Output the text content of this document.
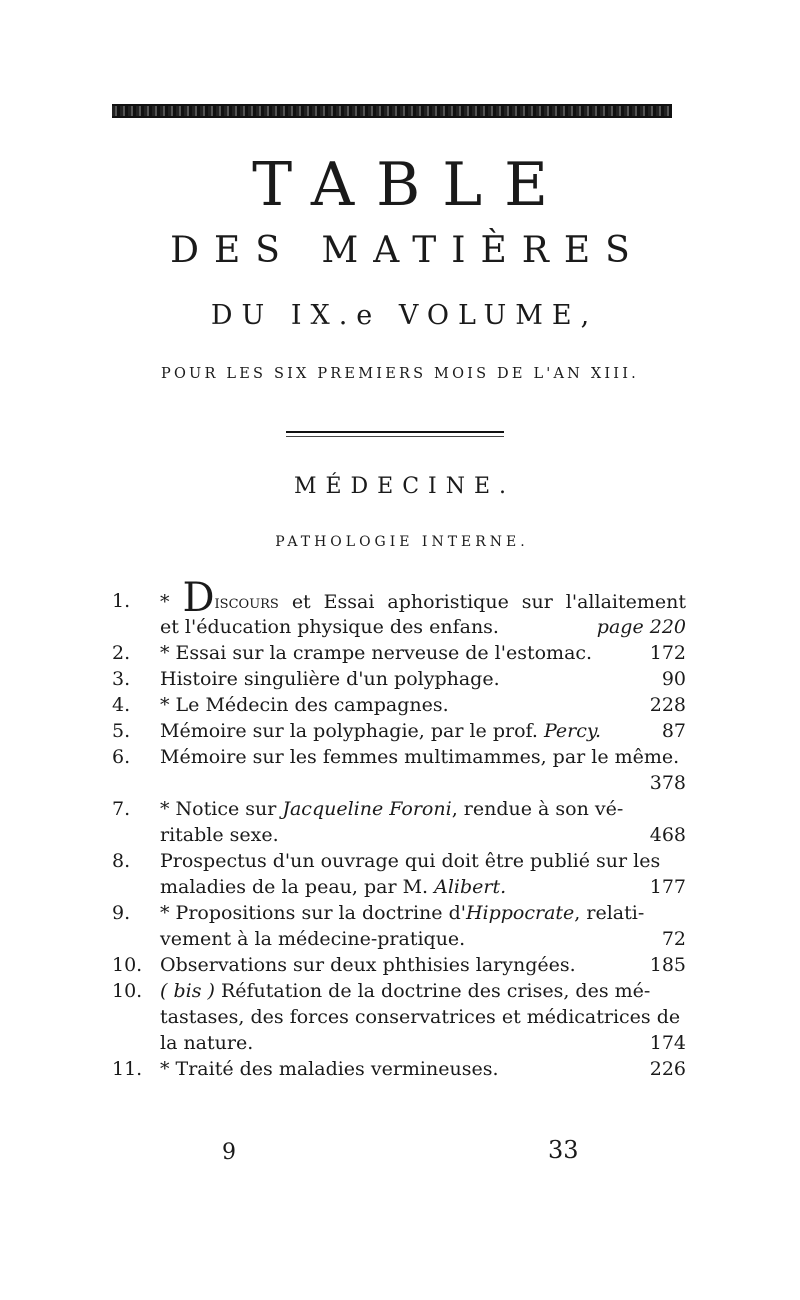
TABLE
DES MATIÈRES
DU IX.e VOLUME,
POUR LES SIX PREMIERS MOIS DE L'AN XIII.
MÉDECINE.
PATHOLOGIE INTERNE.
1.	* Discours et Essai aphoristique sur l'allaitement
et l'éducation physique des enfans.	page 220
2.	* Essai sur la crampe nerveuse de l'estomac.	172
3.	Histoire singulière d'un polyphage.	90
4.	* Le Médecin des campagnes.	228
5.	Mémoire sur la polyphagie, par le prof. Percy.	87
6.	Mémoire sur les femmes multimammes, par le même.
378
7.	* Notice sur Jacqueline Foroni, rendue à son vé-
ritable sexe.	468
8.	Prospectus d'un ouvrage qui doit être publié sur les
maladies de la peau, par M. Alibert.	177
9.	* Propositions sur la doctrine d'Hippocrate, relati-
vement à la médecine-pratique.	72
10. Observations sur deux phthisies laryngées.	185
10. ( bis ) Réfutation de la doctrine des crises, des mé-
tastases, des forces conservatrices et médicatrices de
la nature.	174
11. * Traité des maladies vermineuses.	226
9	33
